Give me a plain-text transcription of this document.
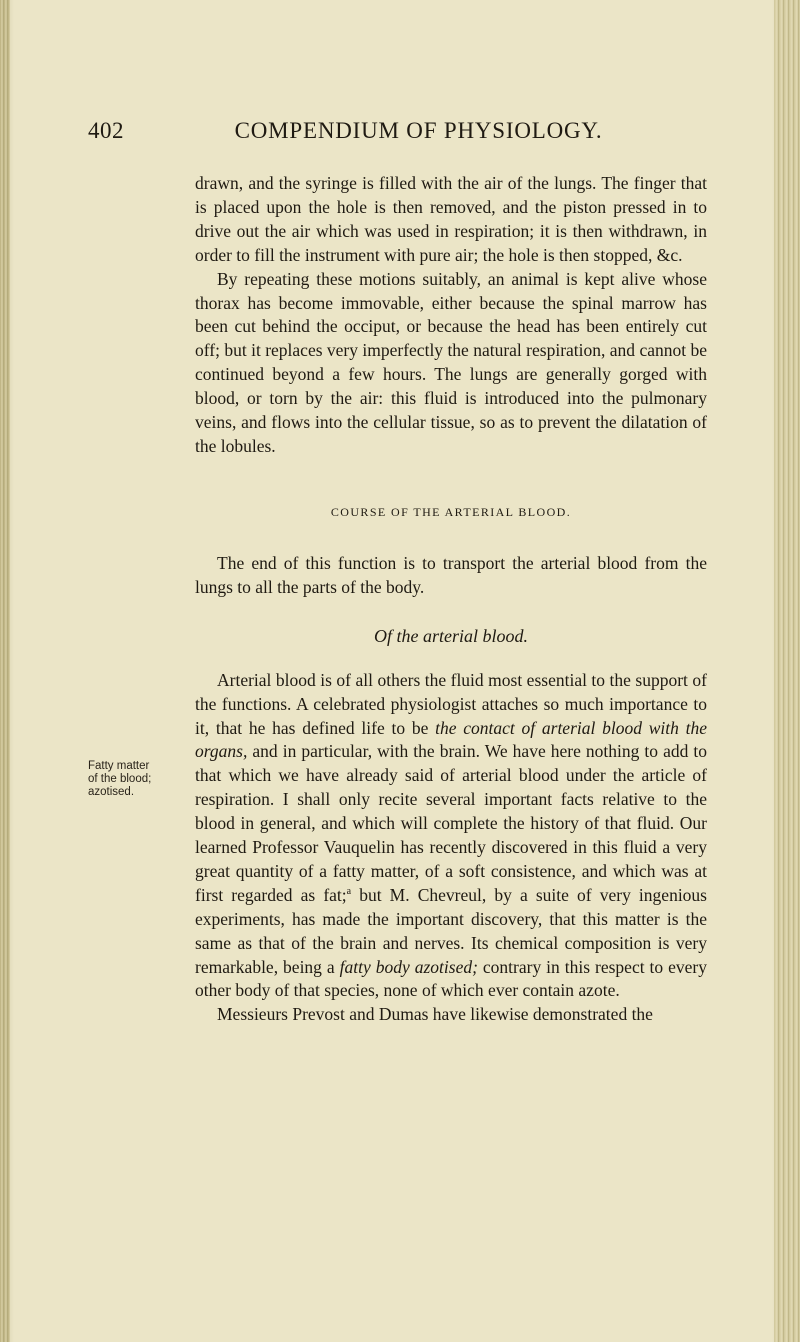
402	COMPENDIUM OF PHYSIOLOGY.

drawn, and the syringe is filled with the air of the lungs. The finger that is placed upon the hole is then removed, and the piston pressed in to drive out the air which was used in respiration; it is then withdrawn, in order to fill the instrument with pure air; the hole is then stopped, &c.

By repeating these motions suitably, an animal is kept alive whose thorax has become immovable, either because the spinal marrow has been cut behind the occiput, or because the head has been entirely cut off; but it replaces very imperfectly the natural respiration, and cannot be continued beyond a few hours. The lungs are generally gorged with blood, or torn by the air: this fluid is introduced into the pulmonary veins, and flows into the cellular tissue, so as to prevent the dilatation of the lobules.

COURSE OF THE ARTERIAL BLOOD.

The end of this function is to transport the arterial blood from the lungs to all the parts of the body.

Of the arterial blood.

Arterial blood is of all others the fluid most essential to the support of the functions. A celebrated physiologist attaches so much importance to it, that he has defined life to be the contact of arterial blood with the organs, and in particular, with the brain. We have here nothing to add to that which we have already said of arterial blood under the article of respiration. I shall only recite several important facts relative to the blood in general, and which will complete the history of that fluid. Our learned Professor Vauquelin has recently discovered in this fluid a very great quantity of a fatty matter, of a soft consistence, and which was at first regarded as fat;$^a$ but M. Chevreul, by a suite of very ingenious experiments, has made the important discovery, that this matter is the same as that of the brain and nerves. Its chemical composition is very remarkable, being a fatty body azotised; contrary in this respect to every other body of that species, none of which ever contain azote.

Messieurs Prevost and Dumas have likewise demonstrated the

Fatty matter
of the blood;
azotised.
